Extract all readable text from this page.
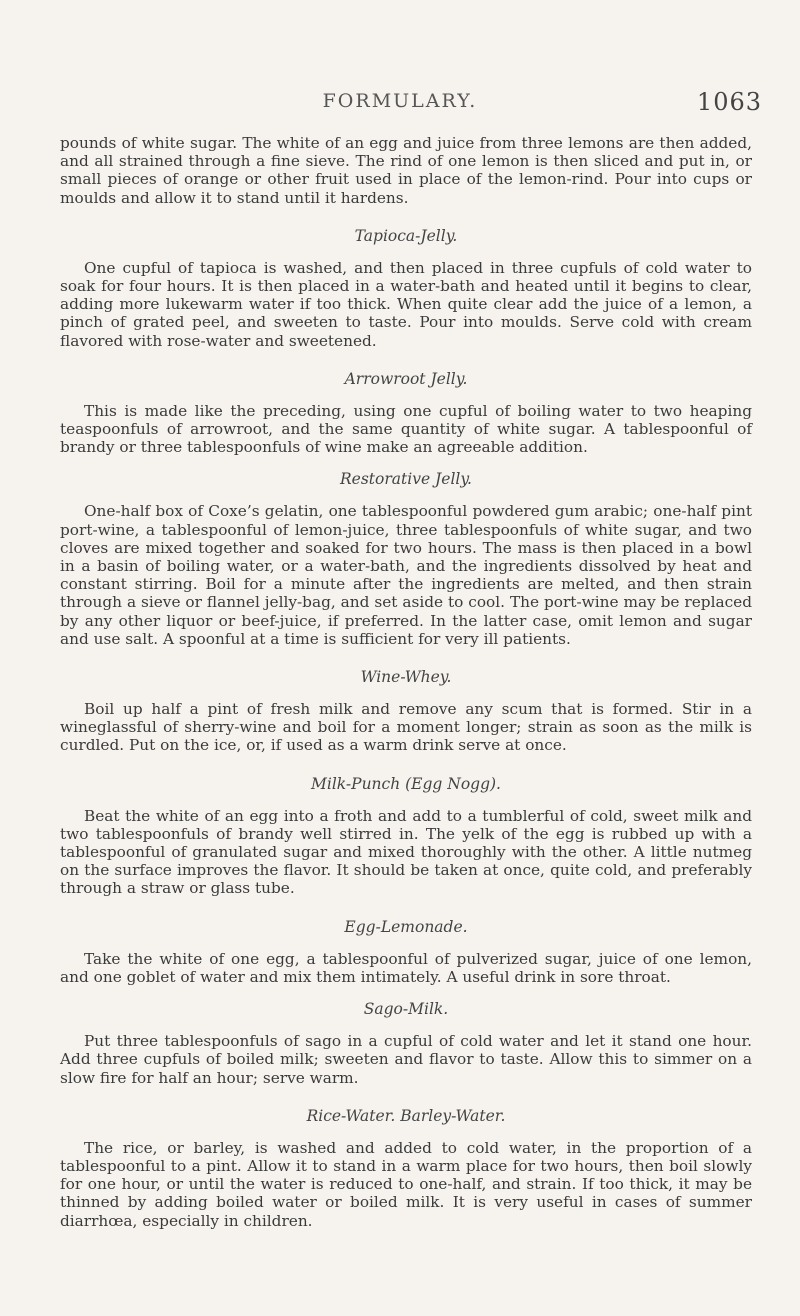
FORMULARY.	1063

pounds of white sugar. The white of an egg and juice from three lemons are then added, and all strained through a fine sieve. The rind of one lemon is then sliced and put in, or small pieces of orange or other fruit used in place of the lemon-rind. Pour into cups or moulds and allow it to stand until it hardens.

Tapioca-Jelly.

One cupful of tapioca is washed, and then placed in three cupfuls of cold water to soak for four hours. It is then placed in a water-bath and heated until it begins to clear, adding more lukewarm water if too thick. When quite clear add the juice of a lemon, a pinch of grated peel, and sweeten to taste. Pour into moulds. Serve cold with cream flavored with rose-water and sweetened.

Arrowroot Jelly.

This is made like the preceding, using one cupful of boiling water to two heaping teaspoonfuls of arrowroot, and the same quantity of white sugar. A tablespoonful of brandy or three tablespoonfuls of wine make an agreeable addition.

Restorative Jelly.

One-half box of Coxe’s gelatin, one tablespoonful powdered gum arabic; one-half pint port-wine, a tablespoonful of lemon-juice, three tablespoonfuls of white sugar, and two cloves are mixed together and soaked for two hours. The mass is then placed in a bowl in a basin of boiling water, or a water-bath, and the ingredients dissolved by heat and constant stirring. Boil for a minute after the ingredients are melted, and then strain through a sieve or flannel jelly-bag, and set aside to cool. The port-wine may be replaced by any other liquor or beef-juice, if preferred. In the latter case, omit lemon and sugar and use salt. A spoonful at a time is sufficient for very ill patients.

Wine-Whey.

Boil up half a pint of fresh milk and remove any scum that is formed. Stir in a wineglassful of sherry-wine and boil for a moment longer; strain as soon as the milk is curdled. Put on the ice, or, if used as a warm drink serve at once.

Milk-Punch (Egg Nogg).

Beat the white of an egg into a froth and add to a tumblerful of cold, sweet milk and two tablespoonfuls of brandy well stirred in. The yelk of the egg is rubbed up with a tablespoonful of granulated sugar and mixed thoroughly with the other. A little nutmeg on the surface improves the flavor. It should be taken at once, quite cold, and preferably through a straw or glass tube.

Egg-Lemonade.

Take the white of one egg, a tablespoonful of pulverized sugar, juice of one lemon, and one goblet of water and mix them intimately. A useful drink in sore throat.

Sago-Milk.

Put three tablespoonfuls of sago in a cupful of cold water and let it stand one hour. Add three cupfuls of boiled milk; sweeten and flavor to taste. Allow this to simmer on a slow fire for half an hour; serve warm.

Rice-Water. Barley-Water.

The rice, or barley, is washed and added to cold water, in the proportion of a tablespoonful to a pint. Allow it to stand in a warm place for two hours, then boil slowly for one hour, or until the water is reduced to one-half, and strain. If too thick, it may be thinned by adding boiled water or boiled milk. It is very useful in cases of summer diarrhœa, especially in children.
